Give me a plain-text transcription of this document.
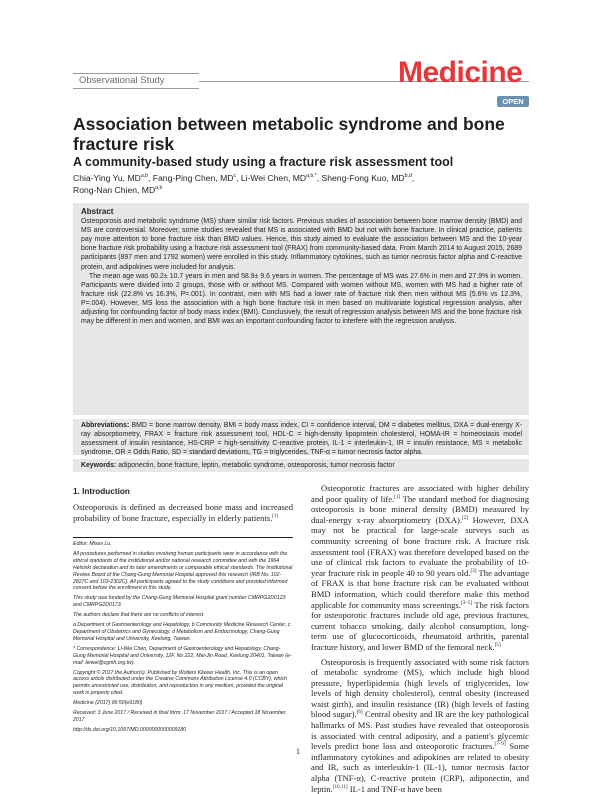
Observational Study	Medicine
OPEN
Association between metabolic syndrome and bone fracture risk
A community-based study using a fracture risk assessment tool
Chia-Ying Yu, MD$^{a,b}$, Fang-Ping Chen, $MD^c$, Li-Wei Chen, $MD^{a,b,*}$, Sheng-Fong Kuo, MD$^{b,d}$,
Rong-Nan Chien, MD$^{a,b}$
Abstract

Osteoporosis and metabolic syndrome (MS) share similar risk factors. Previous studies of association between bone marrow density (BMD) and MS are controversial. Moreover, some studies revealed that MS is associated with BMD but not with bone fracture. In clinical practice, patients pay more attention to bone fracture risk than BMD values. Hence, this study aimed to evaluate the association between MS and the 10-year bone fracture risk probability using a fracture risk assessment tool (FRAX) from community-based data. From March 2014 to August 2015, 2689 participants (897 men and 1792 women) were enrolled in this study. Inflammatory cytokines, such as tumor necrosis factor alpha and C-reactive protein, and adipokines were included for analysis.

The mean age was 60.2± 10.7 years in men and 58.9± 9.6 years in women. The percentage of MS was 27.6% in men and 27.9% in women. Participants were divided into 2 groups, those with or without MS. Compared with women without MS, women with MS had a higher rate of fracture risk (22.8% vs 16.3%, P=.001). In contrast, men with MS had a lower rate of fracture risk then men without MS (5.6% vs 12.3%, P=.004). However, MS loss the association with a high bone fracture risk in men based on multivariate logistical regression analysis, after adjusting for confounding factor of body mass index (BMI). Conclusively, the result of regression analysis between MS and the bone fracture risk may be different in men and women, and BMI was an important confounding factor to interfere with the regression analysis.

Abbreviations: BMD = bone marrow density, BMI = body mass index, CI = confidence interval, DM = diabetes mellitus, DXA = dual-energy X-ray absorptiometry, FRAX = fracture risk assessment tool, HDL-C = high-density lipoprotein cholesterol, HOMA-IR = homeostasis model assessment of insulin resistance, HS-CRP = high-sensitivity C-reactive protein, IL-1 = interleukin-1, IR = insulin resistance, MS = metabolic syndrome, OR = Odds Ratio, SD = standard deviations, TG = triglycerides, TNF-α = tumor necrosis factor alpha.
Keywords: adiponectin, bone fracture, leptin, metabolic syndrome, osteoporosis, tumor necrosis factor
1. Introduction

Osteoporosis is defined as decreased bone mass and increased probability of bone fracture, especially in elderly patients.[1]

Editor: Mises Lu.

All procedures performed in studies involving human participants were in accordance with the ethical standards of the institutional and/or national research committee and with the 1964 Helsinki declaration and its later amendments or comparable ethical standards. The Institutional Review Board of the Chang-Gung Memorial Hospital approved this research (IRB No. 102-2827C and 103-2302C). All participants agreed to the study conditions and provided informed consent before the enrollment in this study.

This study was funded by the Chang-Gung Memorial Hospital grant number CMRPG2D0123 and CMRPG2D0173.

The authors declare that there are no conflicts of interest.

a Department of Gastroenterology and Hepatology, b Community Medicine Research Center, c Department of Obstetrics and Gynecology, d Metabolism and Endocrinology, Chang-Gung Memorial Hospital and University, Keelung, Taiwan.

* Correspondence: Li-Wei Chen, Department of Gastroenterology and Hepatology, Chang-Gung Memorial Hospital and University, 12F, No 222, Mai-Jin Road, Keelung 20401, Taiwan (e-mail: leiwei@cgmh.org.tw).

Copyright © 2017 the Author(s). Published by Wolters Kluwer Health, Inc. This is an open access article distributed under the Creative Commons Attribution License 4.0 (CCBY), which permits unrestricted use, distribution, and reproduction in any medium, provided the original work is properly cited.

Medicine (2017) 96:50(e9180)

Received: 3 June 2017 / Received in final form: 17 November 2017 / Accepted 18 November 2017

http://dx.doi.org/10.1097/MD.0000000000009180

Osteoporotic fractures are associated with higher debility and poor quality of life.[1] The standard method for diagnosing osteoporosis is bone mineral density (BMD) measured by dual-energy x-ray absorptiometry (DXA).[2] However, DXA may not be practical for large-scale surveys such as community screening of bone fracture risk. A fracture risk assessment tool (FRAX) was therefore developed based on the use of clinical risk factors to evaluate the probability of 10-year fracture risk in people 40 to 90 years old.[3] The advantage of FRAX is that bone fracture risk can be evaluated without BMD information, which could therefore make this method applicable for community mass screenings.[3–5] The risk factors for osteoporotic fractures include old age, previous fractures, current tobacco smoking, daily alcohol consumption, long-term use of glucocorticoids, rheumatoid arthritis, parental fracture history, and lower BMD of the femoral neck.[5]

Osteoporosis is frequently associated with some risk factors of metabolic syndrome (MS), which include high blood pressure, hyperlipidemia (high levels of triglycerides, low levels of high density cholesterol), central obesity (increased waist girth), and insulin resistance (IR) (high levels of fasting blood sugar).[6] Central obesity and IR are the key pathological hallmarks of MS. Past studies have revealed that osteoporosis is associated with central adiposity, and a patient's glycemic levels predict bone loss and osteoporotic fractures.[7–9] Some inflammatory cytokines and adipokines are related to obesity and IR, such as interleukin-1 (IL-1), tumor necrosis factor alpha (TNF-α), C-reactive protein (CRP), adiponectin, and leptin.[10,11] IL-1 and TNF-α have been

1
